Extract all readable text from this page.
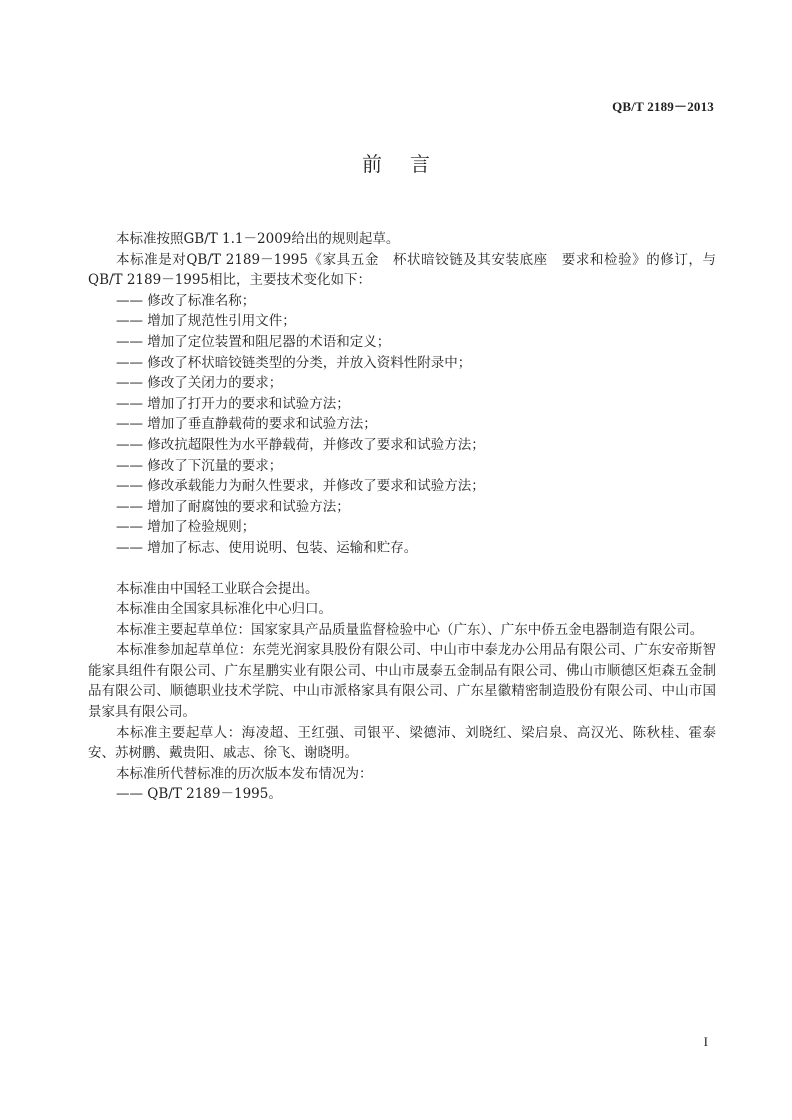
QB/T 2189－2013
前言

本标准按照GB/T 1.1－2009给出的规则起草。

本标准是对QB/T 2189－1995《家具五金　杯状暗铰链及其安装底座　要求和检验》的修订，与QB/T 2189－1995相比，主要技术变化如下：

—— 修改了标准名称；
—— 增加了规范性引用文件；
—— 增加了定位装置和阻尼器的术语和定义；
—— 修改了杯状暗铰链类型的分类，并放入资料性附录中；
—— 修改了关闭力的要求；
—— 增加了打开力的要求和试验方法；
—— 增加了垂直静载荷的要求和试验方法；
—— 修改抗超限性为水平静载荷，并修改了要求和试验方法；
—— 修改了下沉量的要求；
—— 修改承载能力为耐久性要求，并修改了要求和试验方法；
—— 增加了耐腐蚀的要求和试验方法；
—— 增加了检验规则；
—— 增加了标志、使用说明、包装、运输和贮存。

本标准由中国轻工业联合会提出。

本标准由全国家具标准化中心归口。

本标准主要起草单位：国家家具产品质量监督检验中心（广东）、广东中侨五金电器制造有限公司。

本标准参加起草单位：东莞光润家具股份有限公司、中山市中泰龙办公用品有限公司、广东安帝斯智能家具组件有限公司、广东星鹏实业有限公司、中山市晟泰五金制品有限公司、佛山市顺德区炬森五金制品有限公司、顺德职业技术学院、中山市派格家具有限公司、广东星徽精密制造股份有限公司、中山市国景家具有限公司。

本标准主要起草人：海凌超、王红强、司银平、梁德沛、刘晓红、梁启泉、高汉光、陈秋桂、霍泰安、苏树鹏、戴贵阳、戚志、徐飞、谢晓明。

本标准所代替标准的历次版本发布情况为：

—— QB/T 2189－1995。
I
